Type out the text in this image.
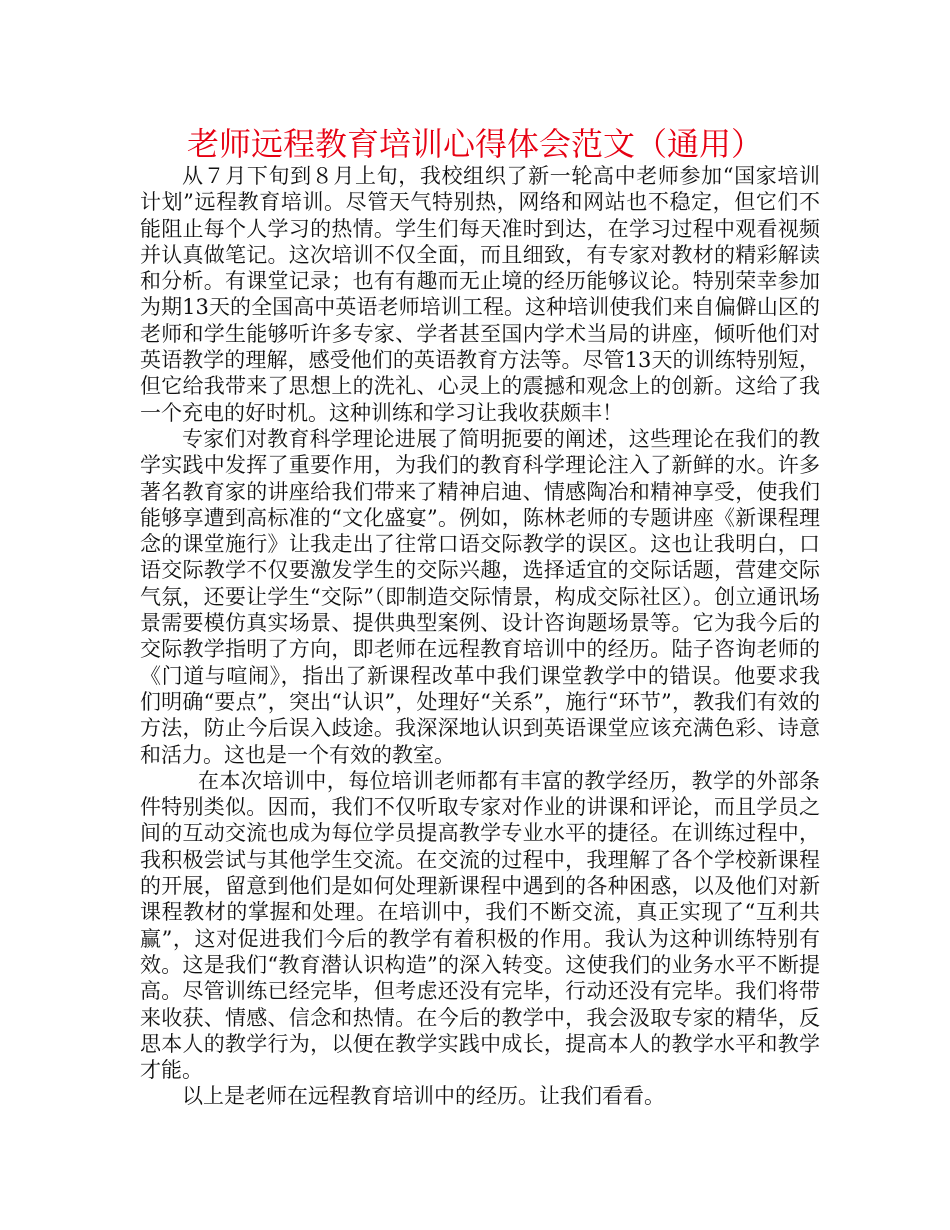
老师远程教育培训心得体会范文（通用）

从７月下旬到８月上旬，我校组织了新一轮高中老师参加“国家培训计划”远程教育培训。尽管天气特别热，网络和网站也不稳定，但它们不能阻止每个人学习的热情。学生们每天准时到达，在学习过程中观看视频并认真做笔记。这次培训不仅全面，而且细致，有专家对教材的精彩解读和分析。有课堂记录；也有有趣而无止境的经历能够议论。特别荣幸参加为期13天的全国高中英语老师培训工程。这种培训使我们来自偏僻山区的老师和学生能够听许多专家、学者甚至国内学术当局的讲座，倾听他们对英语教学的理解，感受他们的英语教育方法等。尽管13天的训练特别短，但它给我带来了思想上的洗礼、心灵上的震撼和观念上的创新。这给了我一个充电的好时机。这种训练和学习让我收获颇丰！

专家们对教育科学理论进展了简明扼要的阐述，这些理论在我们的教学实践中发挥了重要作用，为我们的教育科学理论注入了新鲜的水。许多著名教育家的讲座给我们带来了精神启迪、情感陶冶和精神享受，使我们能够享遭到高标准的“文化盛宴”。例如，陈林老师的专题讲座《新课程理念的课堂施行》让我走出了往常口语交际教学的误区。这也让我明白，口语交际教学不仅要激发学生的交际兴趣，选择适宜的交际话题，营建交际气氛，还要让学生“交际”（即制造交际情景，构成交际社区）。创立通讯场景需要模仿真实场景、提供典型案例、设计咨询题场景等。它为我今后的交际教学指明了方向，即老师在远程教育培训中的经历。陆子咨询老师的《门道与喧闹》，指出了新课程改革中我们课堂教学中的错误。他要求我们明确“要点”，突出“认识”，处理好“关系”，施行“环节”，教我们有效的方法，防止今后误入歧途。我深深地认识到英语课堂应该充满色彩、诗意和活力。这也是一个有效的教室。

在本次培训中，每位培训老师都有丰富的教学经历，教学的外部条件特别类似。因而，我们不仅听取专家对作业的讲课和评论，而且学员之间的互动交流也成为每位学员提高教学专业水平的捷径。在训练过程中，我积极尝试与其他学生交流。在交流的过程中，我理解了各个学校新课程的开展，留意到他们是如何处理新课程中遇到的各种困惑，以及他们对新课程教材的掌握和处理。在培训中，我们不断交流，真正实现了“互利共赢”，这对促进我们今后的教学有着积极的作用。我认为这种训练特别有效。这是我们“教育潜认识构造”的深入转变。这使我们的业务水平不断提高。尽管训练已经完毕，但考虑还没有完毕，行动还没有完毕。我们将带来收获、情感、信念和热情。在今后的教学中，我会汲取专家的精华，反思本人的教学行为，以便在教学实践中成长，提高本人的教学水平和教学才能。

以上是老师在远程教育培训中的经历。让我们看看。
